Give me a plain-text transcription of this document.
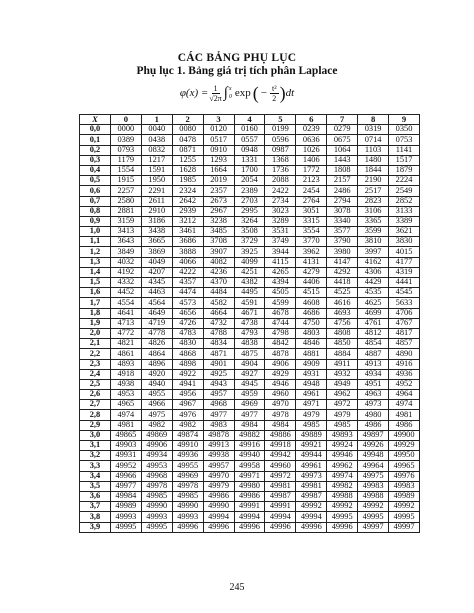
CÁC BẢNG PHỤ LỤC
Phụ lục 1. Bảng giá trị tích phân Laplace
$\varphi(x) = \frac{1}{√2\pi}$ ∫ x
0 exp ( − $\frac{\text{t²}}{2}$ ) dt
X	0	1	2	3	4	5	6	7	8	9
0,0	0000	0040	0080	0120	0160	0199	0239	0279	0319	0350
0,1	0389	0438	0478	0517	0557	0596	0636	0675	0714	0753
0,2	0793	0832	0871	0910	0948	0987	1026	1064	1103	1141
0,3	1179	1217	1255	1293	1331	1368	1406	1443	1480	1517
0,4	1554	1591	1628	1664	1700	1736	1772	1808	1844	1879
0,5	1915	1950	1985	2019	2054	2088	2123	2157	2190	2224
0,6	2257	2291	2324	2357	2389	2422	2454	2486	2517	2549
0,7	2580	2611	2642	2673	2703	2734	2764	2794	2823	2852
0,8	2881	2910	2939	2967	2995	3023	3051	3078	3106	3133
0,9	3159	3186	3212	3238	3264	3289	3315	3340	3365	3389
1,0	3413	3438	3461	3485	3508	3531	3554	3577	3599	3621
1,1	3643	3665	3686	3708	3729	3749	3770	3790	3810	3830
1,2	3849	3869	3888	3907	3925	3944	3962	3980	3997	4015
1,3	4032	4049	4066	4082	4099	4115	4131	4147	4162	4177
1,4	4192	4207	4222	4236	4251	4265	4279	4292	4306	4319
1,5	4332	4345	4357	4370	4382	4394	4406	4418	4429	4441
1,6	4452	4463	4474	4484	4495	4505	4515	4525	4535	4545
1,7	4554	4564	4573	4582	4591	4599	4608	4616	4625	5633
1,8	4641	4649	4656	4664	4671	4678	4686	4693	4699	4706
1,9	4713	4719	4726	4732	4738	4744	4750	4756	4761	4767
2,0	4772	4778	4783	4788	4793	4798	4803	4808	4812	4817
2,1	4821	4826	4830	4834	4838	4842	4846	4850	4854	4857
2,2	4861	4864	4868	4871	4875	4878	4881	4884	4887	4890
2,3	4893	4896	4898	4901	4904	4906	4909	4911	4913	4916
2,4	4918	4920	4922	4925	4927	4929	4931	4932	4934	4936
2,5	4938	4940	4941	4943	4945	4946	4948	4949	4951	4952
2,6	4953	4955	4956	4957	4959	4960	4961	4962	4963	4964
2,7	4965	4966	4967	4968	4969	4970	4971	4972	4973	4974
2,8	4974	4975	4976	4977	4977	4978	4979	4979	4980	4981
2,9	4981	4982	4982	4983	4984	4984	4985	4985	4986	4986
3,0	49865	49869	49874	49878	49882	49886	49889	49893	49897	49900
3,1	49903	49906	49910	49913	49916	49918	49921	49924	49926	49929
3,2	49931	49934	49936	49938	49940	49942	49944	49946	49948	49950
3,3	49952	49953	49955	49957	49958	49960	49961	49962	49964	49965
3,4	49966	49968	49969	49970	49971	49972	49973	49974	49975	49976
3,5	49977	49978	49978	49979	49980	49981	49981	49982	49983	49983
3,6	49984	49985	49985	49986	49986	49987	49987	49988	49988	49989
3,7	49989	49990	49990	49990	49991	49991	49992	49992	49992	49992
3,8	49993	49993	49993	49994	49994	49994	49994	49995	49995	49995
3,9	49995	49995	49996	49996	49996	49996	49996	49996	49997	49997
245
